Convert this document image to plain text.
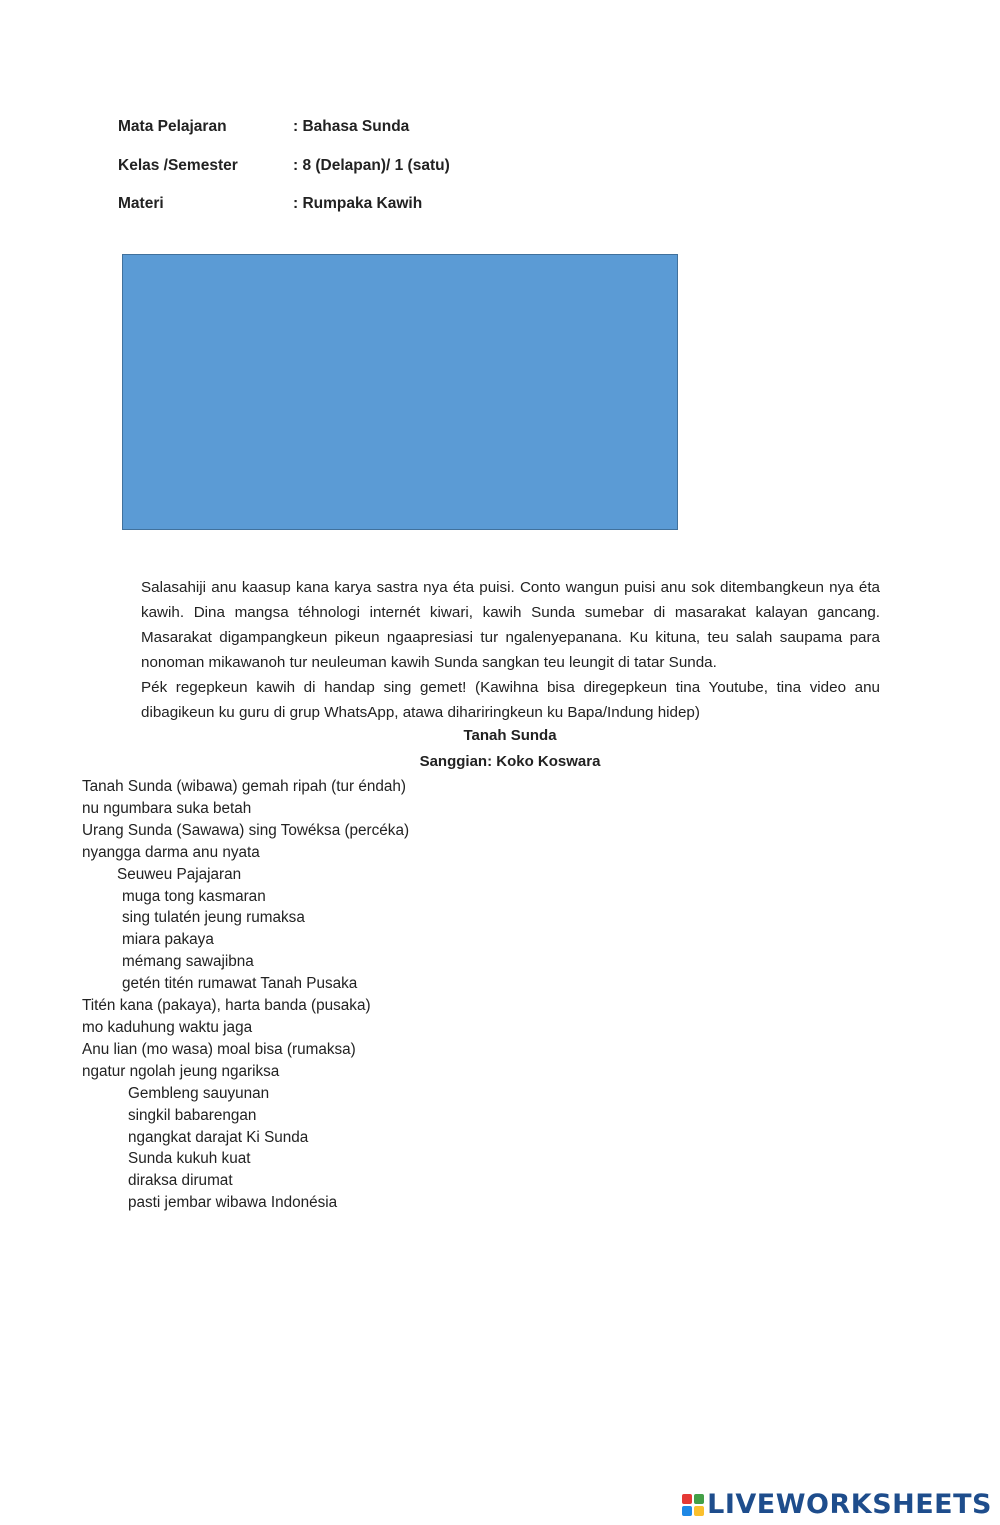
Mata Pelajaran	: Bahasa Sunda
Kelas /Semester	: 8 (Delapan)/ 1 (satu)
Materi	: Rumpaka Kawih

Salasahiji anu kaasup kana karya sastra nya éta puisi. Conto wangun puisi anu sok ditembangkeun nya éta kawih. Dina mangsa téhnologi internét kiwari, kawih Sunda sumebar di masarakat kalayan gancang. Masarakat digampangkeun pikeun ngaapresiasi tur ngalenyepanana. Ku kituna, teu salah saupama para nonoman mikawanoh tur neuleuman kawih Sunda sangkan teu leungit di tatar Sunda.

Pék regepkeun kawih di handap sing gemet! (Kawihna bisa diregepkeun tina Youtube, tina video anu dibagikeun ku guru di grup WhatsApp, atawa dihariringkeun ku Bapa/Indung hidep)

Tanah Sunda
Sanggian: Koko Koswara
Tanah Sunda (wibawa) gemah ripah (tur éndah)
nu ngumbara suka betah
Urang Sunda (Sawawa) sing Towéksa (percéka)
nyangga darma anu nyata
Seuweu Pajajaran
muga tong kasmaran
sing tulatén jeung rumaksa
miara pakaya
mémang sawajibna
getén titén rumawat Tanah Pusaka
Titén kana (pakaya), harta banda (pusaka)
mo kaduhung waktu jaga
Anu lian (mo wasa) moal bisa (rumaksa)
ngatur ngolah jeung ngariksa
Gembleng sauyunan
singkil babarengan
ngangkat darajat Ki Sunda
Sunda kukuh kuat
diraksa dirumat
pasti jembar wibawa Indonésia
LIVEWORKSHEETS
